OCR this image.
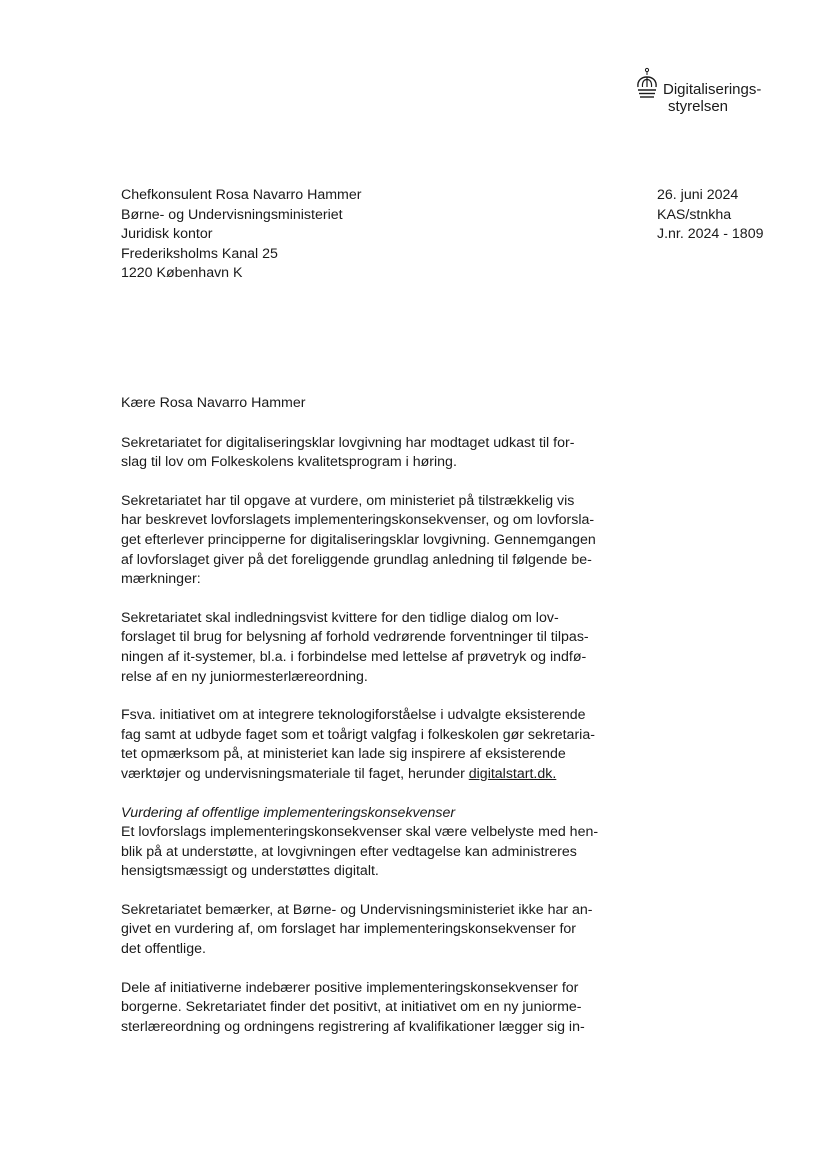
Digitaliserings-
styrelsen
Chefkonsulent Rosa Navarro Hammer
Børne- og Undervisningsministeriet
Juridisk kontor
Frederiksholms Kanal 25
1220 København K
26. juni 2024
KAS/stnkha
J.nr. 2024 - 1809

Kære Rosa Navarro Hammer

Sekretariatet for digitaliseringsklar lovgivning har modtaget udkast til for-
slag til lov om Folkeskolens kvalitetsprogram i høring.

Sekretariatet har til opgave at vurdere, om ministeriet på tilstrækkelig vis
har beskrevet lovforslagets implementeringskonsekvenser, og om lovforsla-
get efterlever principperne for digitaliseringsklar lovgivning. Gennemgangen
af lovforslaget giver på det foreliggende grundlag anledning til følgende be-
mærkninger:

Sekretariatet skal indledningsvist kvittere for den tidlige dialog om lov-
forslaget til brug for belysning af forhold vedrørende forventninger til tilpas-
ningen af it-systemer, bl.a. i forbindelse med lettelse af prøvetryk og indfø-
relse af en ny juniormesterlæreordning.

Fsva. initiativet om at integrere teknologiforståelse i udvalgte eksisterende
fag samt at udbyde faget som et toårigt valgfag i folkeskolen gør sekretaria-
tet opmærksom på, at ministeriet kan lade sig inspirere af eksisterende
værktøjer og undervisningsmateriale til faget, herunder digitalstart.dk.

Vurdering af offentlige implementeringskonsekvenser
Et lovforslags implementeringskonsekvenser skal være velbelyste med hen-
blik på at understøtte, at lovgivningen efter vedtagelse kan administreres
hensigtsmæssigt og understøttes digitalt.

Sekretariatet bemærker, at Børne- og Undervisningsministeriet ikke har an-
givet en vurdering af, om forslaget har implementeringskonsekvenser for
det offentlige.

Dele af initiativerne indebærer positive implementeringskonsekvenser for
borgerne. Sekretariatet finder det positivt, at initiativet om en ny juniorme-
sterlæreordning og ordningens registrering af kvalifikationer lægger sig in-
